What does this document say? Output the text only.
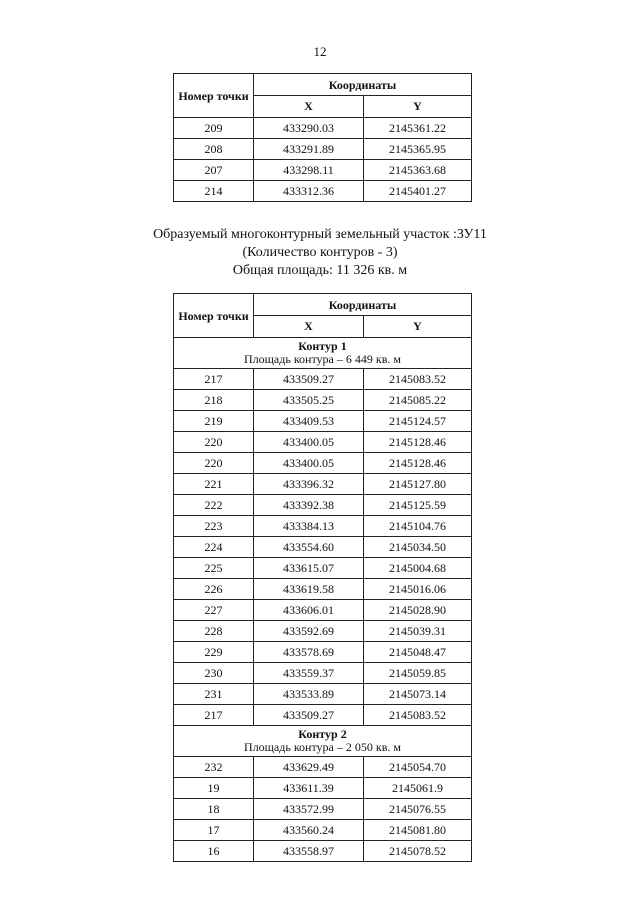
12
Номер точки	Координаты	
	X	Y
209	433290.03	2145361.22
208	433291.89	2145365.95
207	433298.11	2145363.68
214	433312.36	2145401.27
Образуемый многоконтурный земельный участок :ЗУ11
(Количество контуров - 3)
Общая площадь: 11 326 кв. м
Номер точки	Координаты	
	X	Y
Контур 1
Площадь контура – 6 449 кв. м		
217	433509.27	2145083.52
218	433505.25	2145085.22
219	433409.53	2145124.57
220	433400.05	2145128.46
220	433400.05	2145128.46
221	433396.32	2145127.80
222	433392.38	2145125.59
223	433384.13	2145104.76
224	433554.60	2145034.50
225	433615.07	2145004.68
226	433619.58	2145016.06
227	433606.01	2145028.90
228	433592.69	2145039.31
229	433578.69	2145048.47
230	433559.37	2145059.85
231	433533.89	2145073.14
217	433509.27	2145083.52
Контур 2
Площадь контура – 2 050 кв. м		
232	433629.49	2145054.70
19	433611.39	2145061.9
18	433572.99	2145076.55
17	433560.24	2145081.80
16	433558.97	2145078.52
